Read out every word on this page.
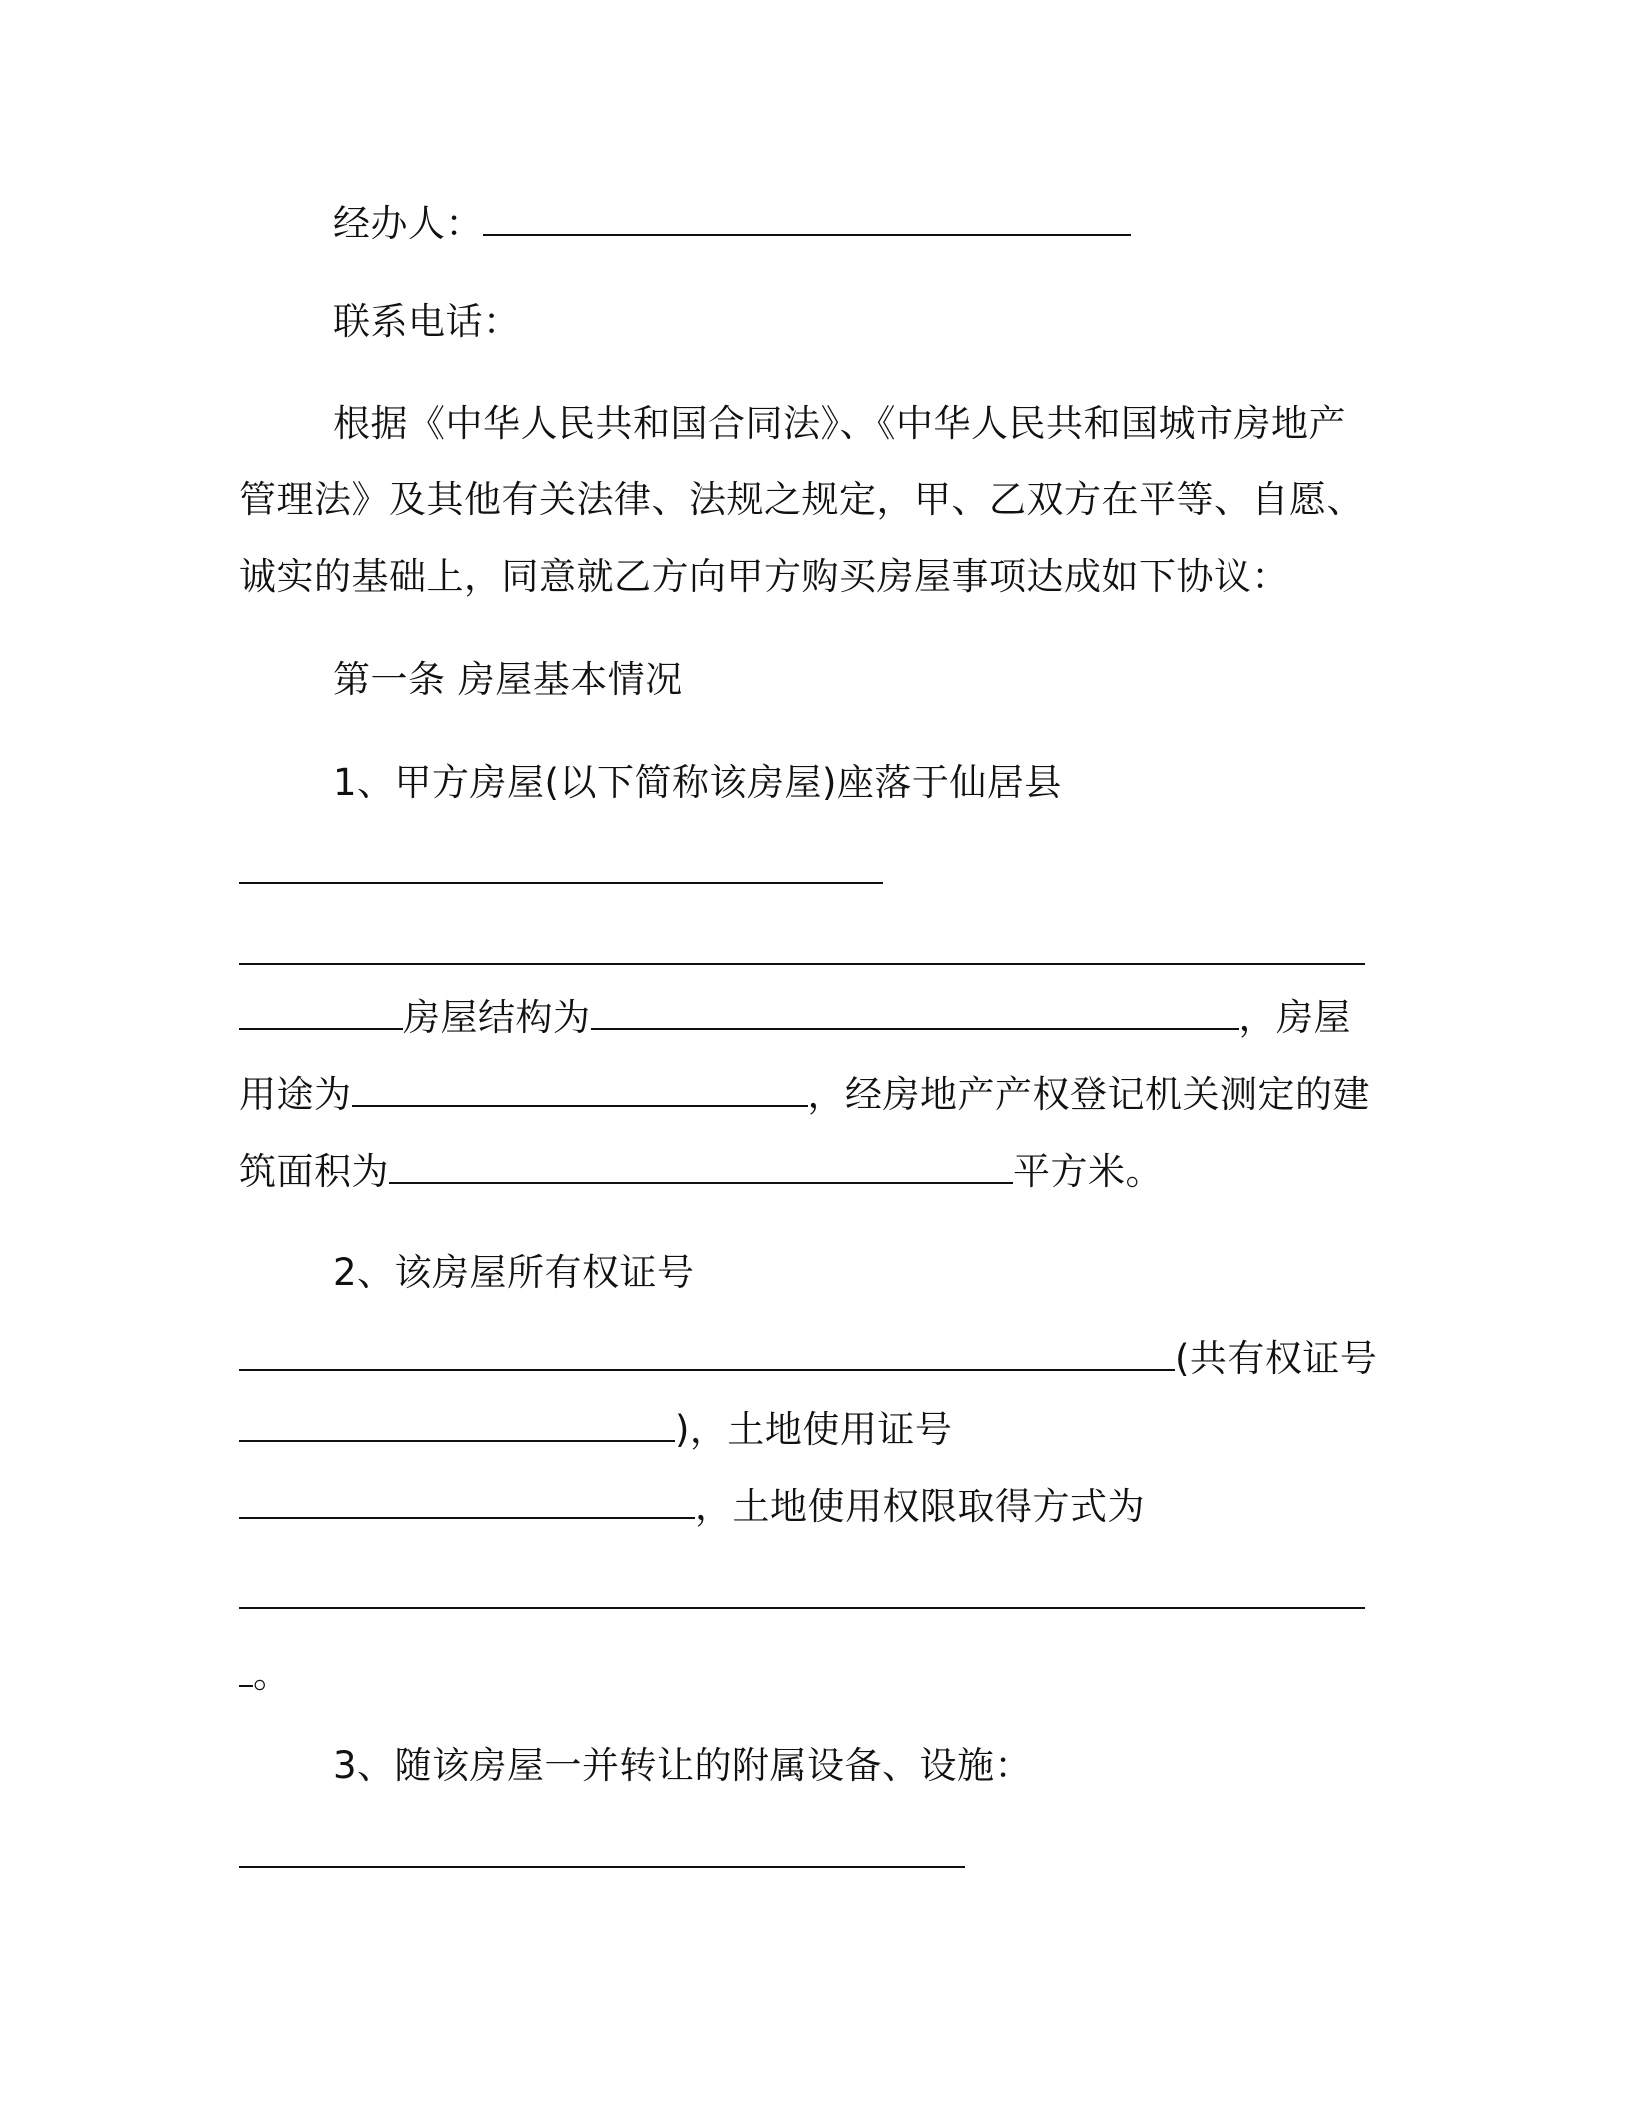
经办人：
联系电话：
根据《中华人民共和国合同法》、《中华人民共和国城市房地产
管理法》及其他有关法律、法规之规定，甲、乙双方在平等、自愿、
诚实的基础上，同意就乙方向甲方购买房屋事项达成如下协议：
第一条 房屋基本情况
1、甲方房屋(以下简称该房屋)座落于仙居县
房屋结构为	，房屋
用途为	，经房地产产权登记机关测定的建
筑面积为	平方米。
2、该房屋所有权证号
(共有权证号
)，土地使用证号
，土地使用权限取得方式为
。
3、随该房屋一并转让的附属设备、设施：
